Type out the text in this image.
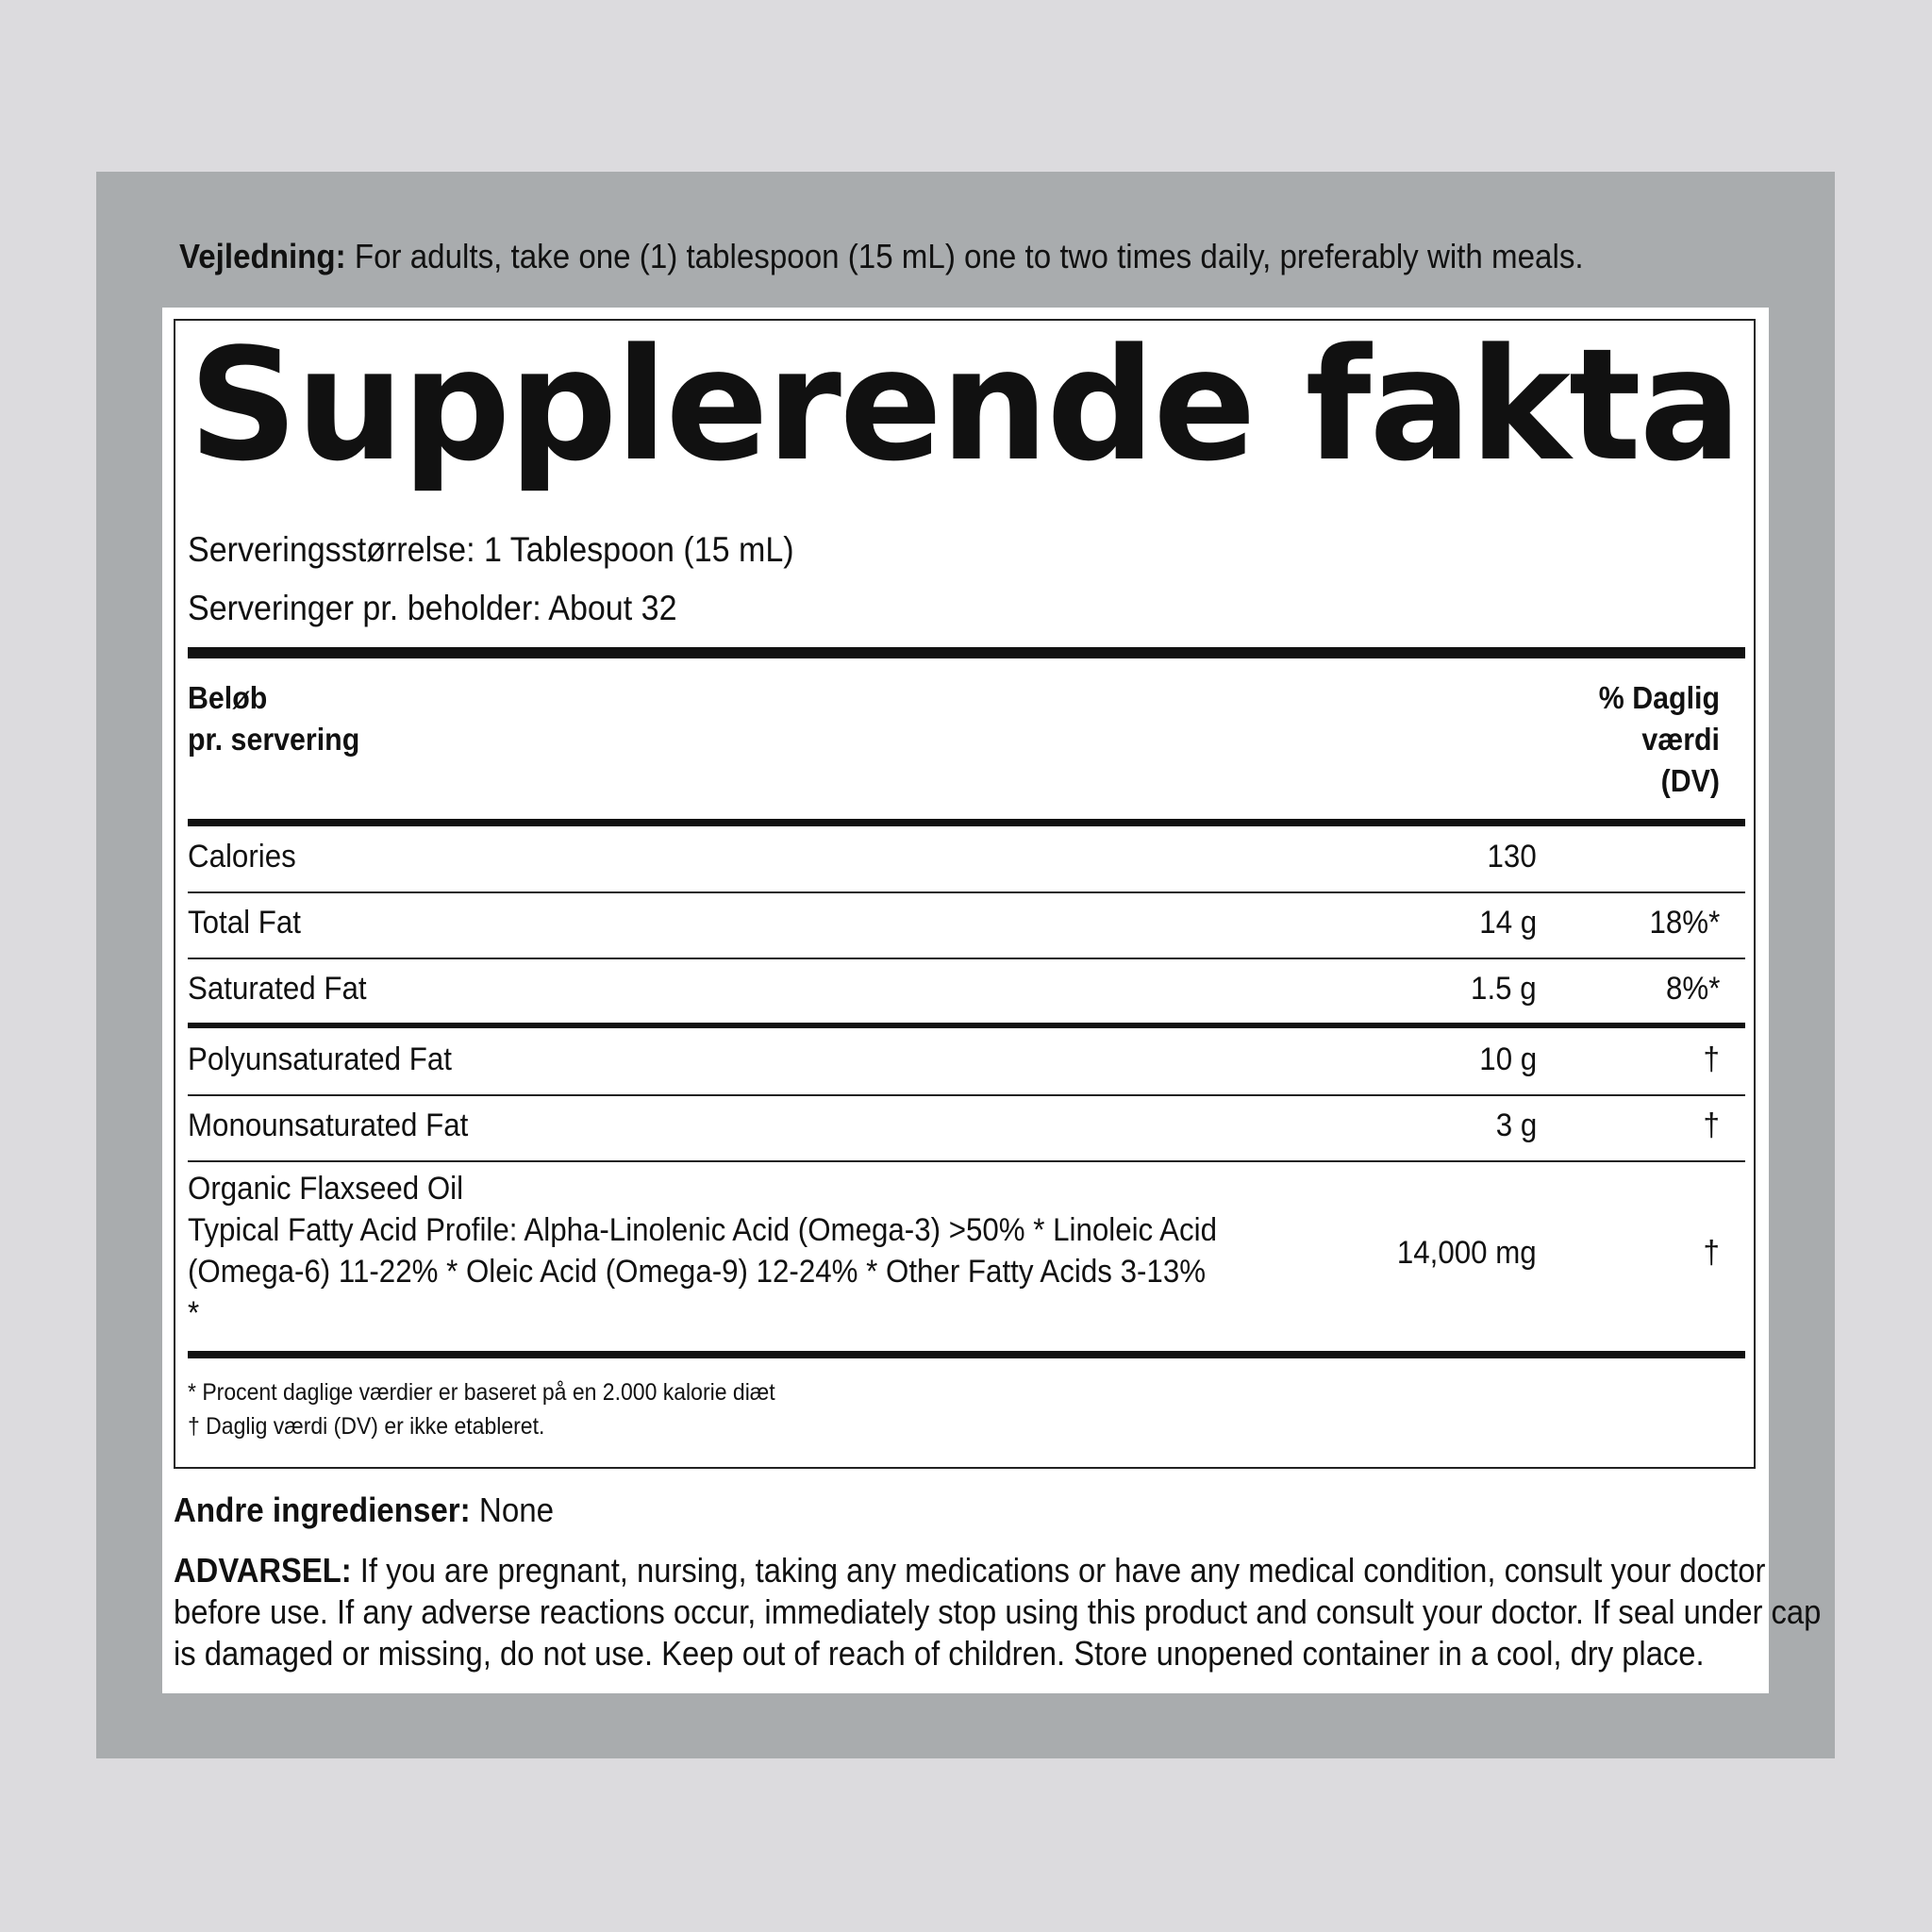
Vejledning: For adults, take one (1) tablespoon (15 mL) one to two times daily, preferably with meals.
Supplerende fakta
Serveringsstørrelse: 1 Tablespoon (15 mL)
Serveringer pr. beholder: About 32
Beløb
pr. servering
% Daglig
værdi
(DV)
Calories	130
Total Fat	14 g	18%*
Saturated Fat	1.5 g	8%*
Polyunsaturated Fat	10 g	†
Monounsaturated Fat	3 g	†
Organic Flaxseed Oil
Typical Fatty Acid Profile: Alpha-Linolenic Acid (Omega-3) >50% * Linoleic Acid
(Omega-6) 11-22% * Oleic Acid (Omega-9) 12-24% * Other Fatty Acids 3-13%
*
14,000 mg	†
* Procent daglige værdier er baseret på en 2.000 kalorie diæt
† Daglig værdi (DV) er ikke etableret.
Andre ingredienser: None
ADVARSEL: If you are pregnant, nursing, taking any medications or have any medical condition, consult your doctor
before use. If any adverse reactions occur, immediately stop using this product and consult your doctor. If seal under cap
is damaged or missing, do not use. Keep out of reach of children. Store unopened container in a cool, dry place.
